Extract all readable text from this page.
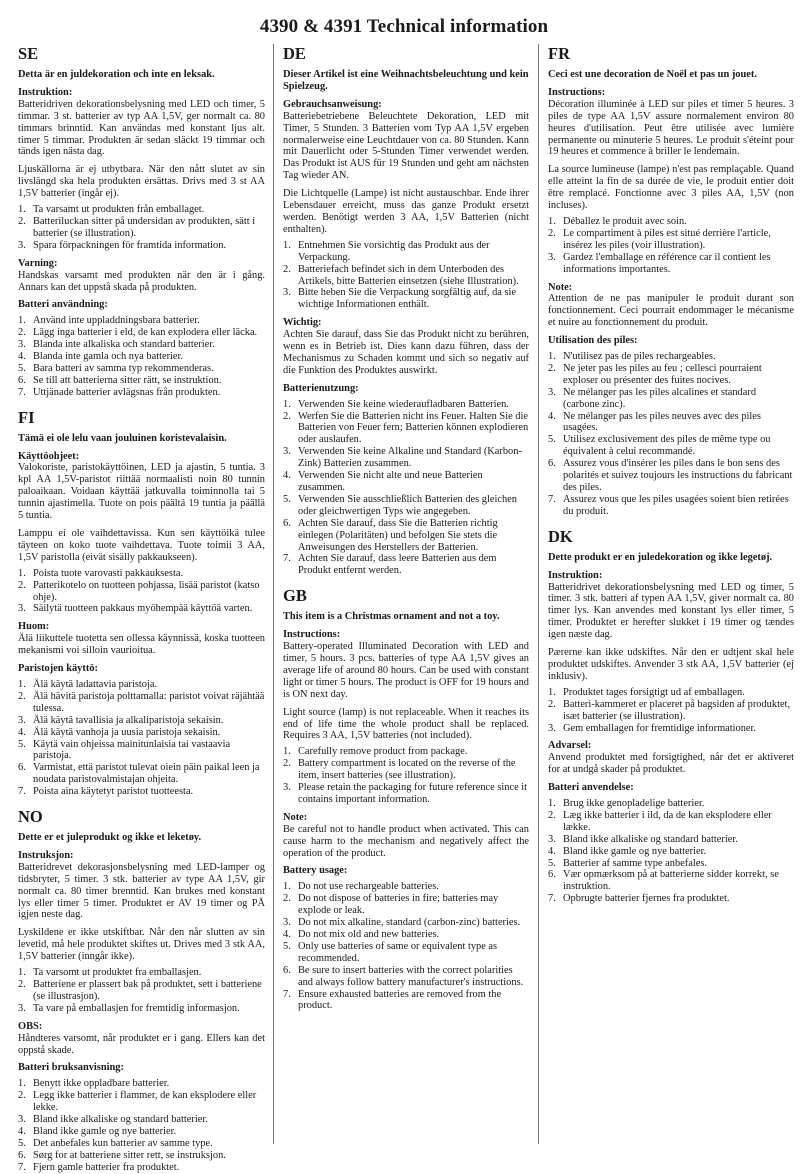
4390 & 4391 Technical information
SE
Detta är en juldekoration och inte en leksak.
Instruktion:

Batteridriven dekorationsbelysning med LED och timer, 5 timmar. 3 st. batterier av typ AA 1,5V, ger normalt ca. 80 timmars brinntid. Kan användas med konstant ljus alt. timer 5 timmar. Produkten är sedan släckt 19 timmar och tänds igen nästa dag.

Ljuskällorna är ej utbytbara. När den nått slutet av sin livslängd ska hela produkten ersättas. Drivs med 3 st AA 1,5V batterier (ingår ej).

1. Ta varsamt ut produkten från emballaget.
2. Batteriluckan sitter på undersidan av produkten, sätt i batterier (se illustration).
3. Spara förpackningen för framtida information.
Varning:

Handskas varsamt med produkten när den är i gång. Annars kan det uppstå skada på produkten.

Batteri användning:
1. Använd inte uppladdningsbara batterier.
2. Lägg inga batterier i eld, de kan explodera eller läcka.
3. Blanda inte alkaliska och standard batterier.
4. Blanda inte gamla och nya batterier.
5. Bara batteri av samma typ rekommenderas.
6. Se till att batterierna sitter rätt, se instruktion.
7. Uttjänade batterier avlägsnas från produkten.
FI
Tämä ei ole lelu vaan jouluinen koristevalaisin.
Käyttöohjeet:

Valokoriste, paristokäyttöinen, LED ja ajastin, 5 tuntia. 3 kpl AA 1,5V-paristot riittää normaalisti noin 80 tunnin paloaikaan. Voidaan käyttää jatkuvalla toiminnolla tai 5 tunnin ajastimella. Tuote on pois päältä 19 tuntia ja päällä 5 tuntia.

Lamppu ei ole vaihdettavissa. Kun sen käyttöikä tulee täyteen on koko tuote vaihdettava. Tuote toimii 3 AA, 1,5V paristolla (eivät sisälly pakkaukseen).

1. Poista tuote varovasti pakkauksesta.
2. Patterikotelo on tuotteen pohjassa, lisää paristot (katso ohje).
3. Säilytä tuotteen pakkaus myöhempää käyttöä varten.
Huom:

Älä liikuttele tuotetta sen ollessa käynnissä, koska tuotteen mekanismi voi silloin vaurioitua.

Paristojen käyttö:
1. Älä käytä ladattavia paristoja.
2. Älä hävitä paristoja polttamalla: paristot voivat räjähtää tulessa.
3. Älä käytä tavallisia ja alkaliparistoja sekaisin.
4. Älä käytä vanhoja ja uusia paristoja sekaisin.
5. Käytä vain ohjeissa mainitunlaisia tai vastaavia paristoja.
6. Varmistat, että paristot tulevat oiein päin paikal leen ja noudata paristovalmistajan ohjeita.
7. Poista aina käytetyt paristot tuotteesta.
NO
Dette er et juleprodukt og ikke et leketøy.
Instruksjon:

Batteridrevet dekorasjonsbelysning med LED-lamper og tidsbryter, 5 timer. 3 stk. batterier av type AA 1,5V, gir normalt ca. 80 timer brenntid. Kan brukes med konstant lys eller timer 5 timer. Produktet er AV 19 timer og PÅ igjen neste dag.

Lyskildene er ikke utskiftbar. Når den når slutten av sin levetid, må hele produktet skiftes ut. Drives med 3 stk AA, 1,5V batterier (inngår ikke).

1. Ta varsomt ut produktet fra emballasjen.
2. Batteriene er plassert bak på produktet, sett i batteriene (se illustrasjon).
3. Ta vare på emballasjen for fremtidig informasjon.
OBS:

Håndteres varsomt, når produktet er i gang. Ellers kan det oppstå skade.

Batteri bruksanvisning:
1. Benytt ikke oppladbare batterier.
2. Legg ikke batterier i flammer, de kan eksplodere eller lekke.
3. Bland ikke alkaliske og standard batterier.
4. Bland ikke gamle og nye batterier.
5. Det anbefales kun batterier av samme type.
6. Sørg for at batteriene sitter rett, se instruksjon.
7. Fjern gamle batterier fra produktet.
DE
Dieser Artikel ist eine Weihnachtsbeleuchtung und kein Spielzeug.
Gebrauchsanweisung:

Batteriebetriebene Beleuchtete Dekoration, LED mit Timer, 5 Stunden. 3 Batterien vom Typ AA 1,5V ergeben normalerweise eine Leuchtdauer von ca. 80 Stunden. Kann mit Dauerlicht oder 5-Stunden Timer verwendet werden. Das Produkt ist AUS für 19 Stunden und geht am nächsten Tag wieder AN.

Die Lichtquelle (Lampe) ist nicht austauschbar. Ende ihrer Lebensdauer erreicht, muss das ganze Produkt ersetzt werden. Benötigt werden 3 AA, 1,5V Batterien (nicht enthalten).

1. Entnehmen Sie vorsichtig das Produkt aus der Verpackung.
2. Batteriefach befindet sich in dem Unterboden des Artikels, bitte Batterien einsetzen (siehe Illustration).
3. Bitte heben Sie die Verpackung sorgfältig auf, da sie wichtige Informationen enthält.
Wichtig:

Achten Sie darauf, dass Sie das Produkt nicht zu berühren, wenn es in Betrieb ist. Dies kann dazu führen, dass der Mechanismus zu Schaden kommt und sich so negativ auf die Funktion des Produktes auswirkt.

Batterienutzung:
1. Verwenden Sie keine wiederaufladbaren Batterien.
2. Werfen Sie die Batterien nicht ins Feuer. Halten Sie die Batterien von Feuer fern; Batterien können explodieren oder auslaufen.
3. Verwenden Sie keine Alkaline und Standard (Karbon-Zink) Batterien zusammen.
4. Verwenden Sie nicht alte und neue Batterien zusammen.
5. Verwenden Sie ausschließlich Batterien des gleichen oder gleichwertigen Typs wie angegeben.
6. Achten Sie darauf, dass Sie die Batterien richtig einlegen (Polaritäten) und befolgen Sie stets die Anweisungen des Herstellers der Batterien.
7. Achten Sie darauf, dass leere Batterien aus dem Produkt entfernt werden.
GB
This item is a Christmas ornament and not a toy.
Instructions:

Battery-operated Illuminated Decoration with LED and timer, 5 hours. 3 pcs. batteries of type AA 1,5V gives an average life of around 80 hours. Can be used with constant light or timer 5 hours. The product is OFF for 19 hours and is ON next day.

Light source (lamp) is not replaceable. When it reaches its end of life time the whole product shall be replaced. Requires 3 AA, 1,5V batteries (not included).

1. Carefully remove product from package.
2. Battery compartment is located on the reverse of the item, insert batteries (see illustration).
3. Please retain the packaging for future reference since it contains important information.
Note:

Be careful not to handle product when activated. This can cause harm to the mechanism and negatively affect the operation of the product.

Battery usage:
1. Do not use rechargeable batteries.
2. Do not dispose of batteries in fire; batteries may explode or leak.
3. Do not mix alkaline, standard (carbon-zinc) batteries.
4. Do not mix old and new batteries.
5. Only use batteries of same or equivalent type as recommended.
6. Be sure to insert batteries with the correct polarities and always follow battery manufacturer's instructions.
7. Ensure exhausted batteries are removed from the product.
FR
Ceci est une decoration de Noël et pas un jouet.
Instructions:

Décoration illuminée à LED sur piles et timer 5 heures. 3 piles de type AA 1,5V assure normalement environ 80 heures d'utilisation. Peut être utilisée avec lumière permanente ou minuterie 5 heures. Le produit s'éteint pour 19 heures et commence à briller le lendemain.

La source lumineuse (lampe) n'est pas remplaçable. Quand elle atteint la fin de sa durée de vie, le produit entier doit être remplacé. Fonctionne avec 3 piles AA, 1,5V (non incluses).

1. Déballez le produit avec soin.
2. Le compartiment à piles est situé derrière l'article, insérez les piles (voir illustration).
3. Gardez l'emballage en référence car il contient les informations importantes.
Note:

Attention de ne pas manipuler le produit durant son fonctionnement. Ceci pourrait endommager le mécanisme et nuire au fonctionnement du produit.

Utilisation des piles:
1. N'utilisez pas de piles rechargeables.
2. Ne jeter pas les piles au feu ; cellesci pourraient exploser ou présenter des fuites nocives.
3. Ne mélanger pas les piles alcalines et standard (carbone zinc).
4. Ne mélanger pas les piles neuves avec des piles usagées.
5. Utilisez exclusivement des piles de même type ou équivalent à celui recommandé.
6. Assurez vous d'insérer les piles dans le bon sens des polarités et suivez toujours les instructions du fabricant des piles.
7. Assurez vous que les piles usagées soient bien retirées du produit.
DK
Dette produkt er en juledekoration og ikke legetøj.
Instruktion:

Batteridrivet dekorationsbelysning med LED og timer, 5 timer. 3 stk. batteri af typen AA 1,5V, giver normalt ca. 80 timer lys. Kan anvendes med konstant lys eller timer, 5 timer. Produktet er herefter slukket i 19 timer og tændes igen næste dag.

Pærerne kan ikke udskiftes. Når den er udtjent skal hele produktet udskiftes. Anvender 3 stk AA, 1,5V batterier (ej inklusiv).

1. Produktet tages forsigtigt ud af emballagen.
2. Batteri-kammeret er placeret på bagsiden af produktet, isæt batterier (se illustration).
3. Gem emballagen for fremtidige informationer.
Advarsel:

Anvend produktet med forsigtighed, når det er aktiveret for at undgå skader på produktet.

Batteri anvendelse:
1. Brug ikke genopladelige batterier.
2. Læg ikke batterier i ild, da de kan eksplodere eller lække.
3. Bland ikke alkaliske og standard batterier.
4. Bland ikke gamle og nye batterier.
5. Batterier af samme type anbefales.
6. Vær opmærksom på at batterierne sidder korrekt, se instruktion.
7. Opbrugte batterier fjernes fra produktet.
